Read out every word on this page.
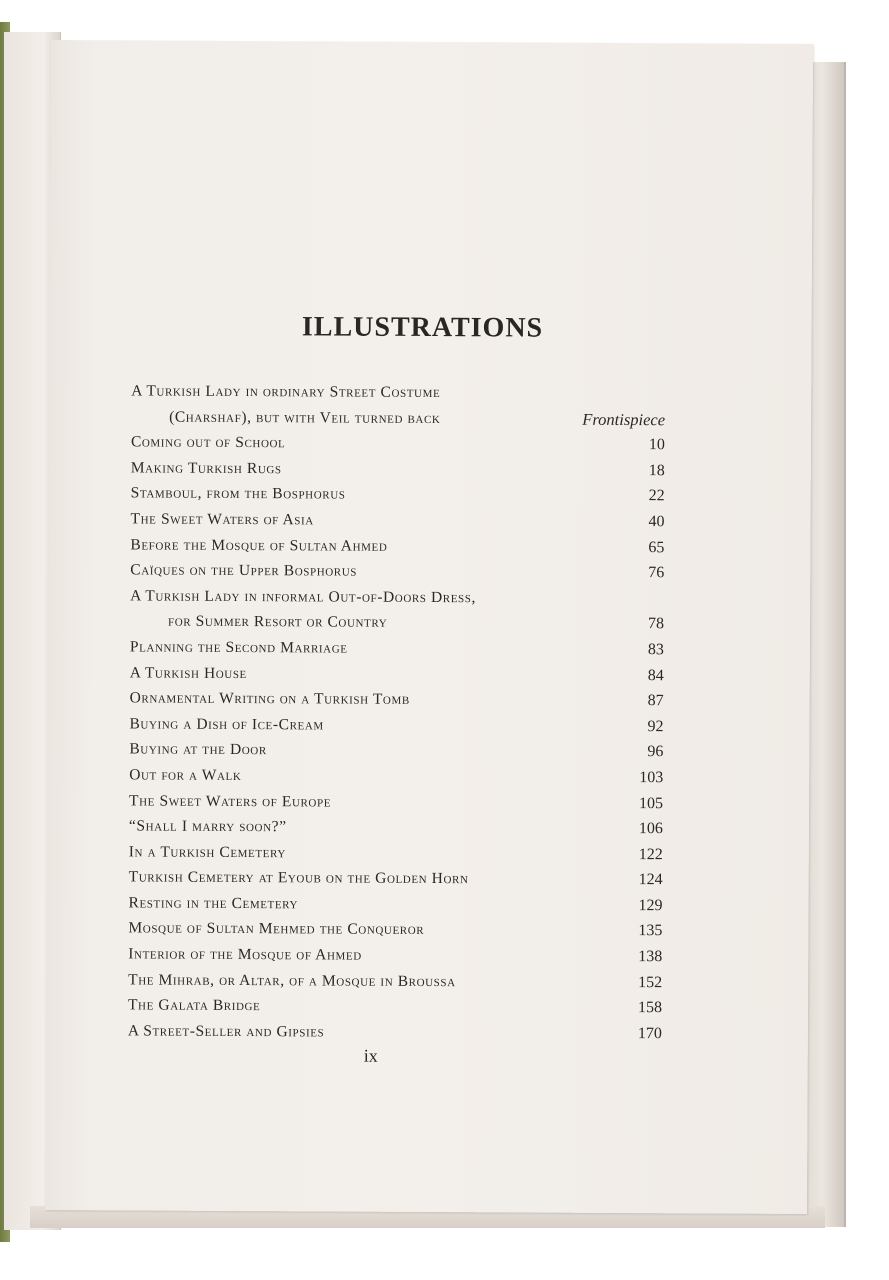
ILLUSTRATIONS
A Turkish Lady in ordinary Street Costume
(Charshaf), but with Veil turned back	Frontispiece
Coming out of School	10
Making Turkish Rugs	18
Stamboul, from the Bosphorus	22
The Sweet Waters of Asia	40
Before the Mosque of Sultan Ahmed	65
Caïques on the Upper Bosphorus	76
A Turkish Lady in informal Out-of-Doors Dress,
for Summer Resort or Country	78
Planning the Second Marriage	83
A Turkish House	84
Ornamental Writing on a Turkish Tomb	87
Buying a Dish of Ice-Cream	92
Buying at the Door	96
Out for a Walk	103
The Sweet Waters of Europe	105
“Shall I marry soon?”	106
In a Turkish Cemetery	122
Turkish Cemetery at Eyoub on the Golden Horn	124
Resting in the Cemetery	129
Mosque of Sultan Mehmed the Conqueror	135
Interior of the Mosque of Ahmed	138
The Mihrab, or Altar, of a Mosque in Broussa	152
The Galata Bridge	158
A Street-Seller and Gipsies	170
ix
